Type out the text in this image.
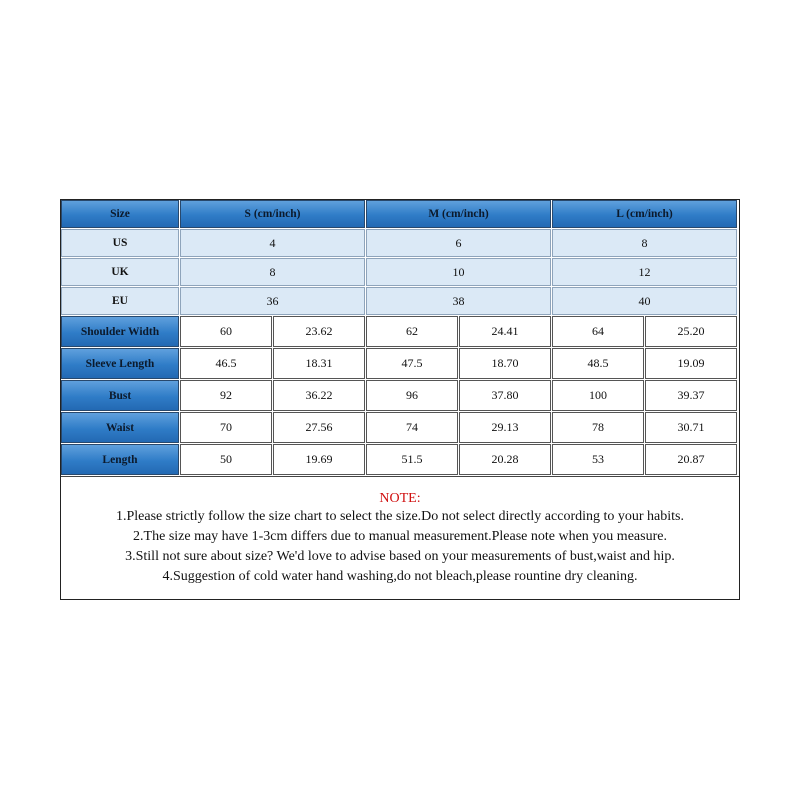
Size	S (cm/inch)	M (cm/inch)	L (cm/inch)
US	4	6	8
UK	8	10	12
EU	36	38	40
Shoulder Width	60	23.62	62	24.41	64	25.20
Sleeve Length	46.5	18.31	47.5	18.70	48.5	19.09
Bust	92	36.22	96	37.80	100	39.37
Waist	70	27.56	74	29.13	78	30.71
Length	50	19.69	51.5	20.28	53	20.87
NOTE:
1.Please strictly follow the size chart to select the size.Do not select directly according to your habits.
2.The size may have 1-3cm differs due to manual measurement.Please note when you measure.
3.Still not sure about size? We'd love to advise based on your measurements of bust,waist and hip.
4.Suggestion of cold water hand washing,do not bleach,please rountine dry cleaning.
